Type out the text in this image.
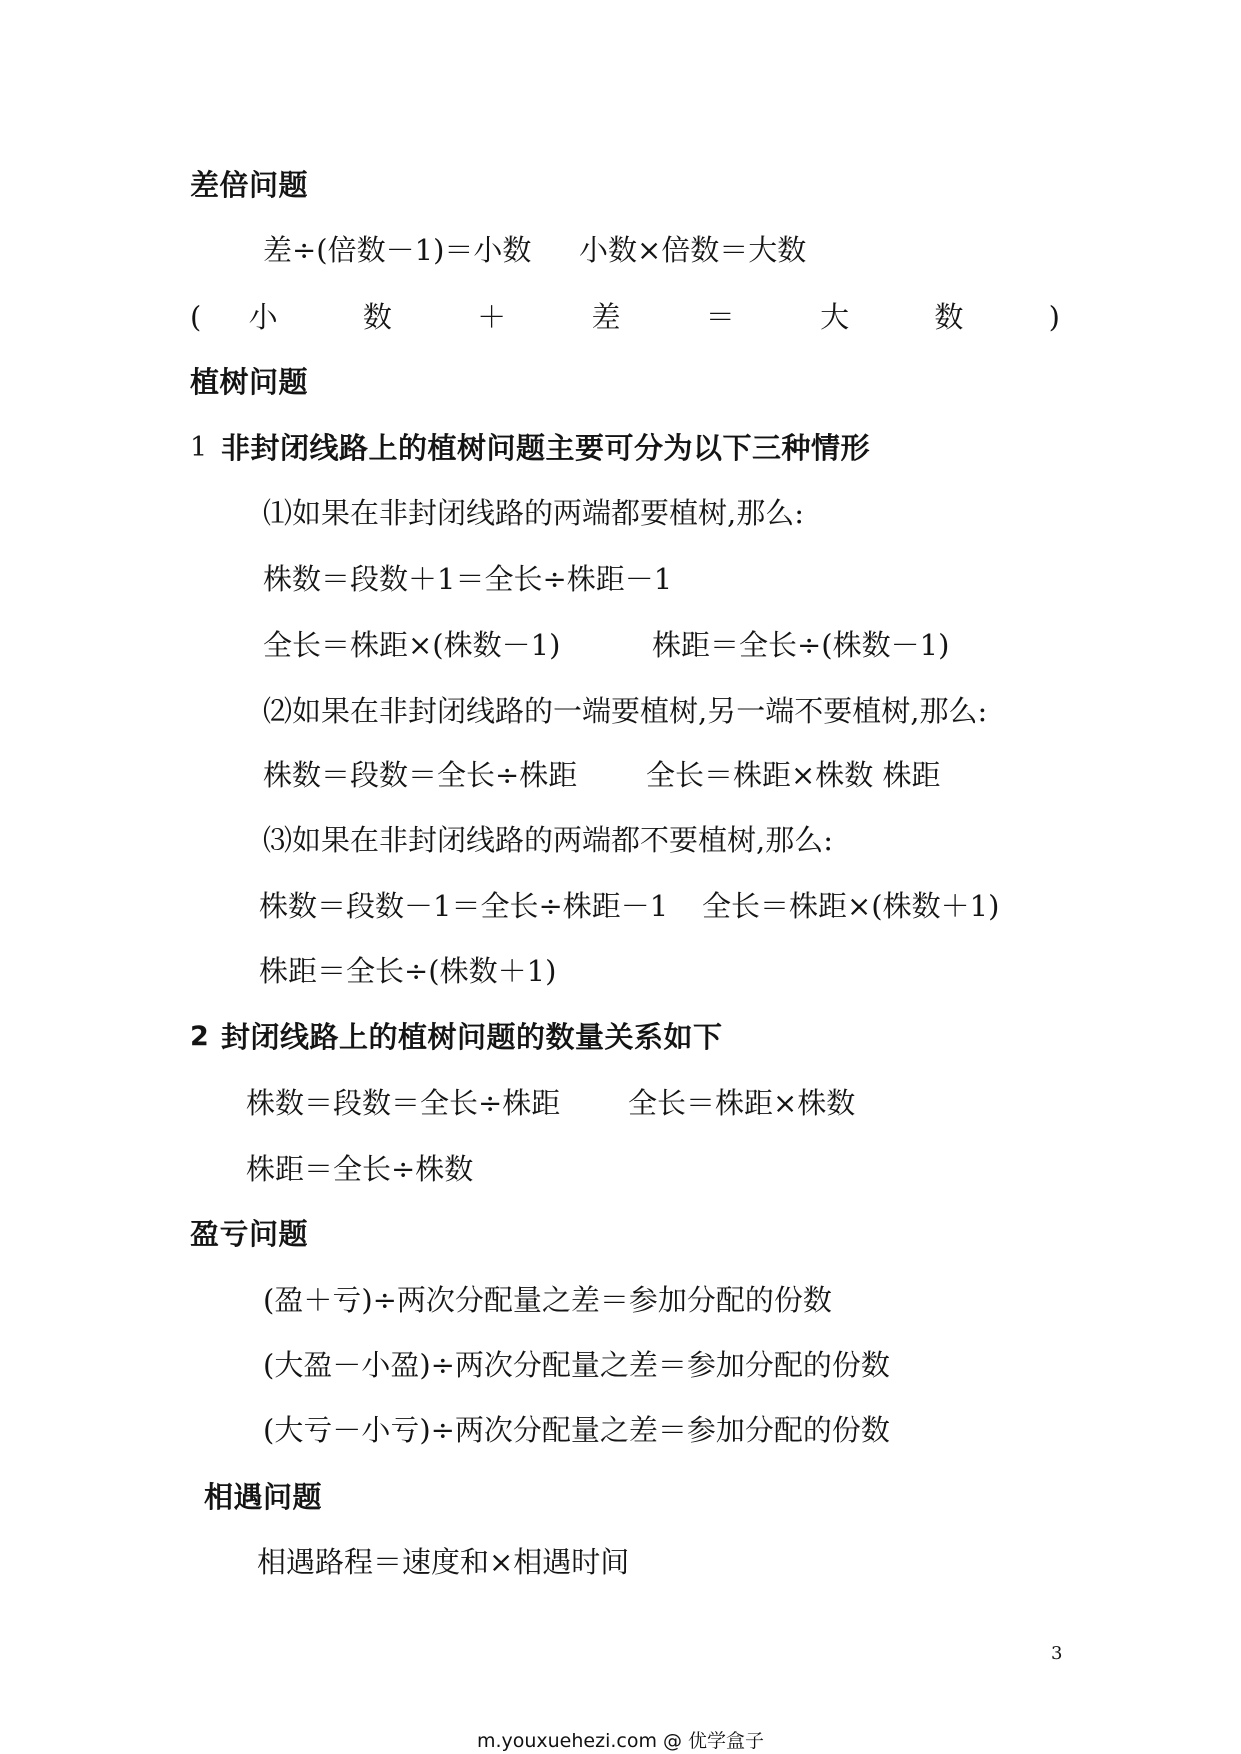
差倍问题
差÷(倍数－1)＝小数 小数×倍数＝大数
( 小 数 ＋ 差 ＝ 大 数 )
植树问题
1 非封闭线路上的植树问题主要可分为以下三种情形
⑴如果在非封闭线路的两端都要植树,那么:
株数＝段数＋1＝全长÷株距－1
全长＝株距×(株数－1)	株距＝全长÷(株数－1)
⑵如果在非封闭线路的一端要植树,另一端不要植树,那么:
株数＝段数＝全长÷株距 全长＝株距×株数 株距
⑶如果在非封闭线路的两端都不要植树,那么:
株数＝段数－1＝全长÷株距－1 全长＝株距×(株数＋1)
株距＝全长÷(株数＋1)
2 封闭线路上的植树问题的数量关系如下
株数＝段数＝全长÷株距 全长＝株距×株数
株距＝全长÷株数
盈亏问题
(盈＋亏)÷两次分配量之差＝参加分配的份数
(大盈－小盈)÷两次分配量之差＝参加分配的份数
(大亏－小亏)÷两次分配量之差＝参加分配的份数
相遇问题
相遇路程＝速度和×相遇时间
3
m.youxuehezi.com @ 优学盒子
